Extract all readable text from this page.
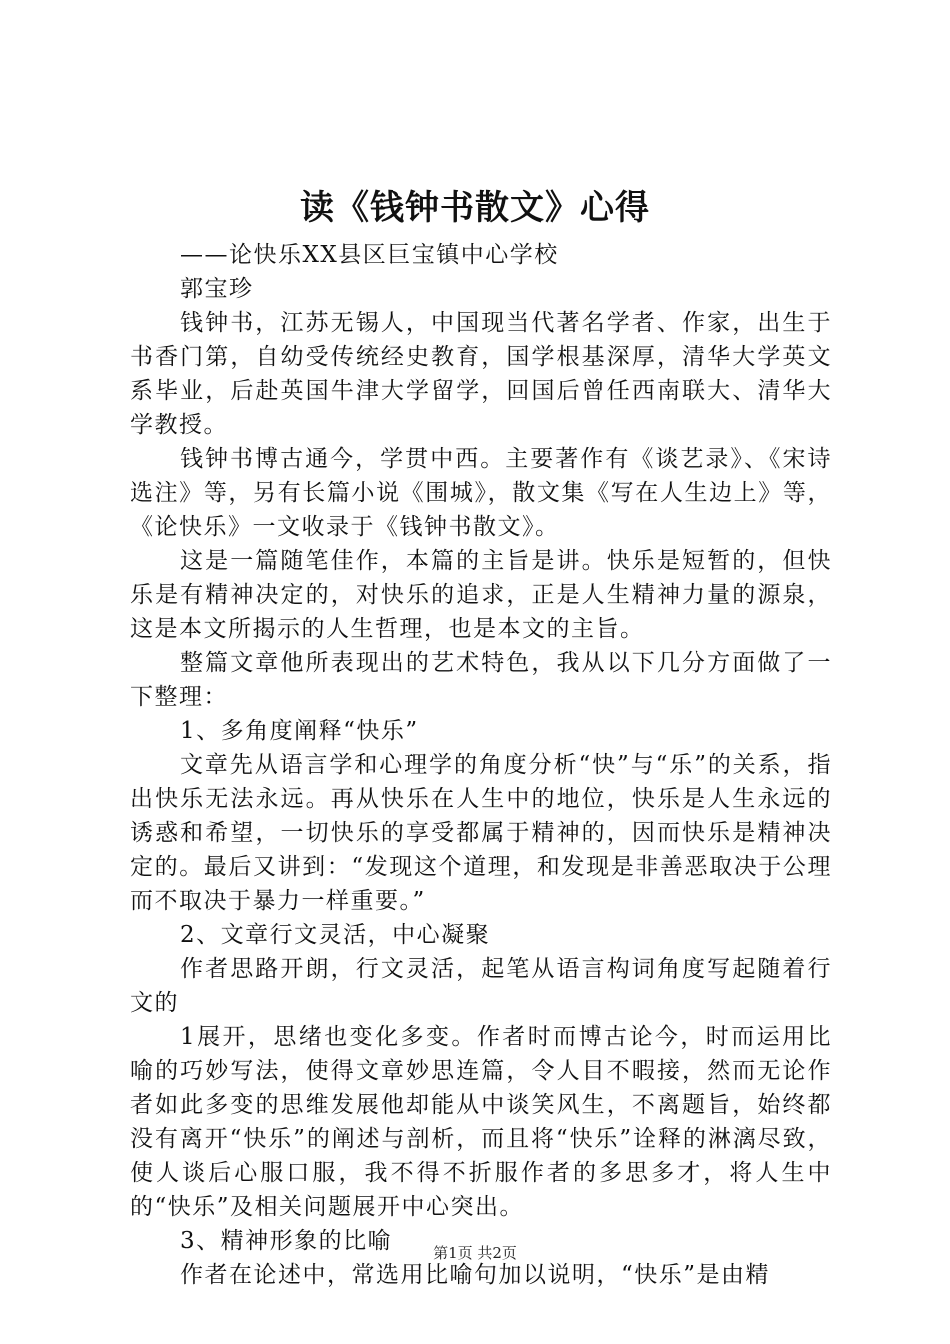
读《钱钟书散文》心得

——论快乐XX县区巨宝镇中心学校

郭宝珍

钱钟书，江苏无锡人，中国现当代著名学者、作家，出生于书香门第，自幼受传统经史教育，国学根基深厚，清华大学英文系毕业，后赴英国牛津大学留学，回国后曾任西南联大、清华大学教授。

钱钟书博古通今，学贯中西。主要著作有《谈艺录》、《宋诗选注》等，另有长篇小说《围城》，散文集《写在人生边上》等，《论快乐》一文收录于《钱钟书散文》。

这是一篇随笔佳作，本篇的主旨是讲。快乐是短暂的，但快乐是有精神决定的，对快乐的追求，正是人生精神力量的源泉，这是本文所揭示的人生哲理，也是本文的主旨。

整篇文章他所表现出的艺术特色，我从以下几分方面做了一下整理：

1、多角度阐释“快乐”

文章先从语言学和心理学的角度分析“快”与“乐”的关系，指出快乐无法永远。再从快乐在人生中的地位，快乐是人生永远的诱惑和希望，一切快乐的享受都属于精神的，因而快乐是精神决定的。最后又讲到：“发现这个道理，和发现是非善恶取决于公理而不取决于暴力一样重要。”

2、文章行文灵活，中心凝聚

作者思路开朗，行文灵活，起笔从语言构词角度写起随着行文的

1展开，思绪也变化多变。作者时而博古论今，时而运用比喻的巧妙写法，使得文章妙思连篇，令人目不暇接，然而无论作者如此多变的思维发展他却能从中谈笑风生，不离题旨，始终都没有离开“快乐”的阐述与剖析，而且将“快乐”诠释的淋漓尽致，使人谈后心服口服，我不得不折服作者的多思多才，将人生中的“快乐”及相关问题展开中心突出。

3、精神形象的比喻

作者在论述中，常选用比喻句加以说明，“快乐”是由精

第1页 共2页
